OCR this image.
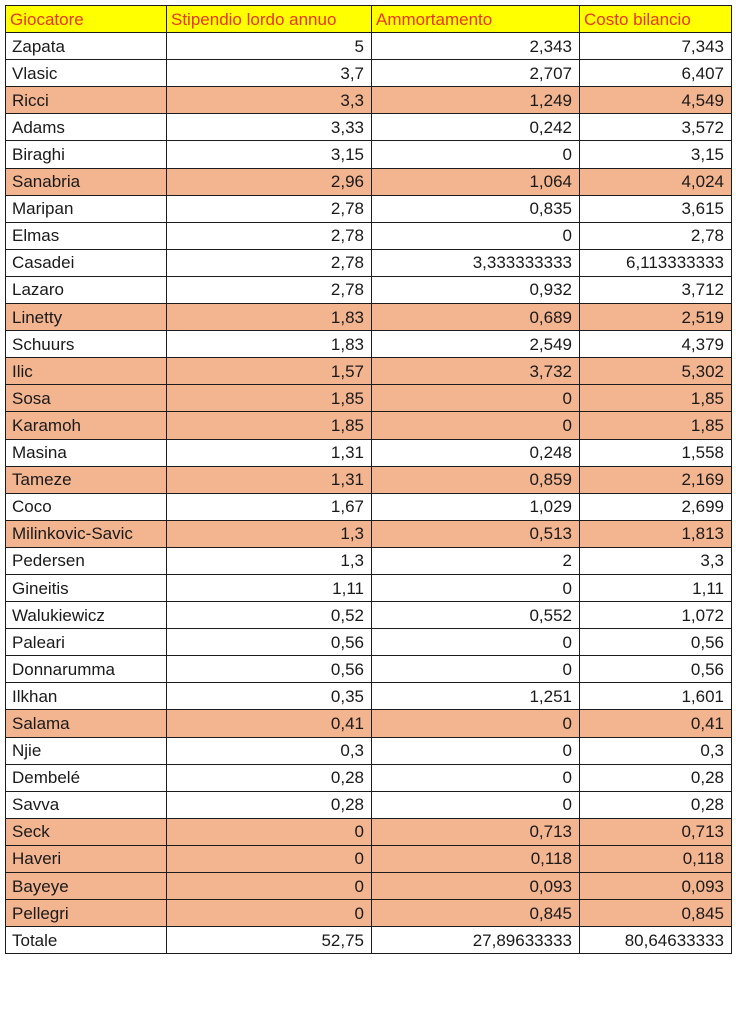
Giocatore	Stipendio lordo annuo	Ammortamento	Costo bilancio
Zapata	5	2,343	7,343
Vlasic	3,7	2,707	6,407
Ricci	3,3	1,249	4,549
Adams	3,33	0,242	3,572
Biraghi	3,15	0	3,15
Sanabria	2,96	1,064	4,024
Maripan	2,78	0,835	3,615
Elmas	2,78	0	2,78
Casadei	2,78	3,333333333	6,113333333
Lazaro	2,78	0,932	3,712
Linetty	1,83	0,689	2,519
Schuurs	1,83	2,549	4,379
Ilic	1,57	3,732	5,302
Sosa	1,85	0	1,85
Karamoh	1,85	0	1,85
Masina	1,31	0,248	1,558
Tameze	1,31	0,859	2,169
Coco	1,67	1,029	2,699
Milinkovic-Savic	1,3	0,513	1,813
Pedersen	1,3	2	3,3
Gineitis	1,11	0	1,11
Walukiewicz	0,52	0,552	1,072
Paleari	0,56	0	0,56
Donnarumma	0,56	0	0,56
Ilkhan	0,35	1,251	1,601
Salama	0,41	0	0,41
Njie	0,3	0	0,3
Dembelé	0,28	0	0,28
Savva	0,28	0	0,28
Seck	0	0,713	0,713
Haveri	0	0,118	0,118
Bayeye	0	0,093	0,093
Pellegri	0	0,845	0,845
Totale	52,75	27,89633333	80,64633333
